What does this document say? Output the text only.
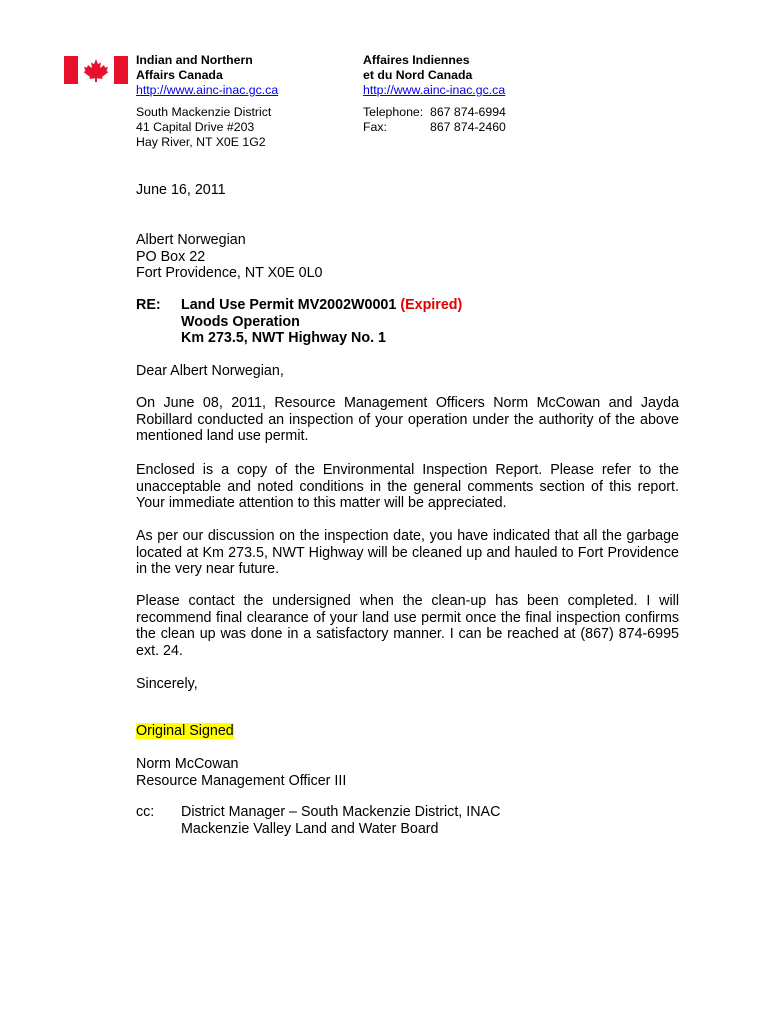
Indian and Northern
Affairs Canada
http://www.ainc-inac.gc.ca
Affaires Indiennes
et du Nord Canada
http://www.ainc-inac.gc.ca
South Mackenzie District
41 Capital Drive #203
Hay River, NT X0E 1G2
Telephone: 867 874-6994
Fax:	867 874-2460
June 16, 2011
Albert Norwegian
PO Box 22
Fort Providence, NT X0E 0L0
RE: Land Use Permit MV2002W0001 (Expired)
Woods Operation
Km 273.5, NWT Highway No. 1
Dear Albert Norwegian,
On June 08, 2011, Resource Management Officers Norm McCowan and Jayda Robillard conducted an inspection of your operation under the authority of the above mentioned land use permit.
Enclosed is a copy of the Environmental Inspection Report. Please refer to the unacceptable and noted conditions in the general comments section of this report. Your immediate attention to this matter will be appreciated.
As per our discussion on the inspection date, you have indicated that all the garbage located at Km 273.5, NWT Highway will be cleaned up and hauled to Fort Providence in the very near future.
Please contact the undersigned when the clean-up has been completed. I will recommend final clearance of your land use permit once the final inspection confirms the clean up was done in a satisfactory manner. I can be reached at (867) 874-6995 ext. 24.
Sincerely,
Original Signed
Norm McCowan
Resource Management Officer III
cc: District Manager – South Mackenzie District, INAC
Mackenzie Valley Land and Water Board
